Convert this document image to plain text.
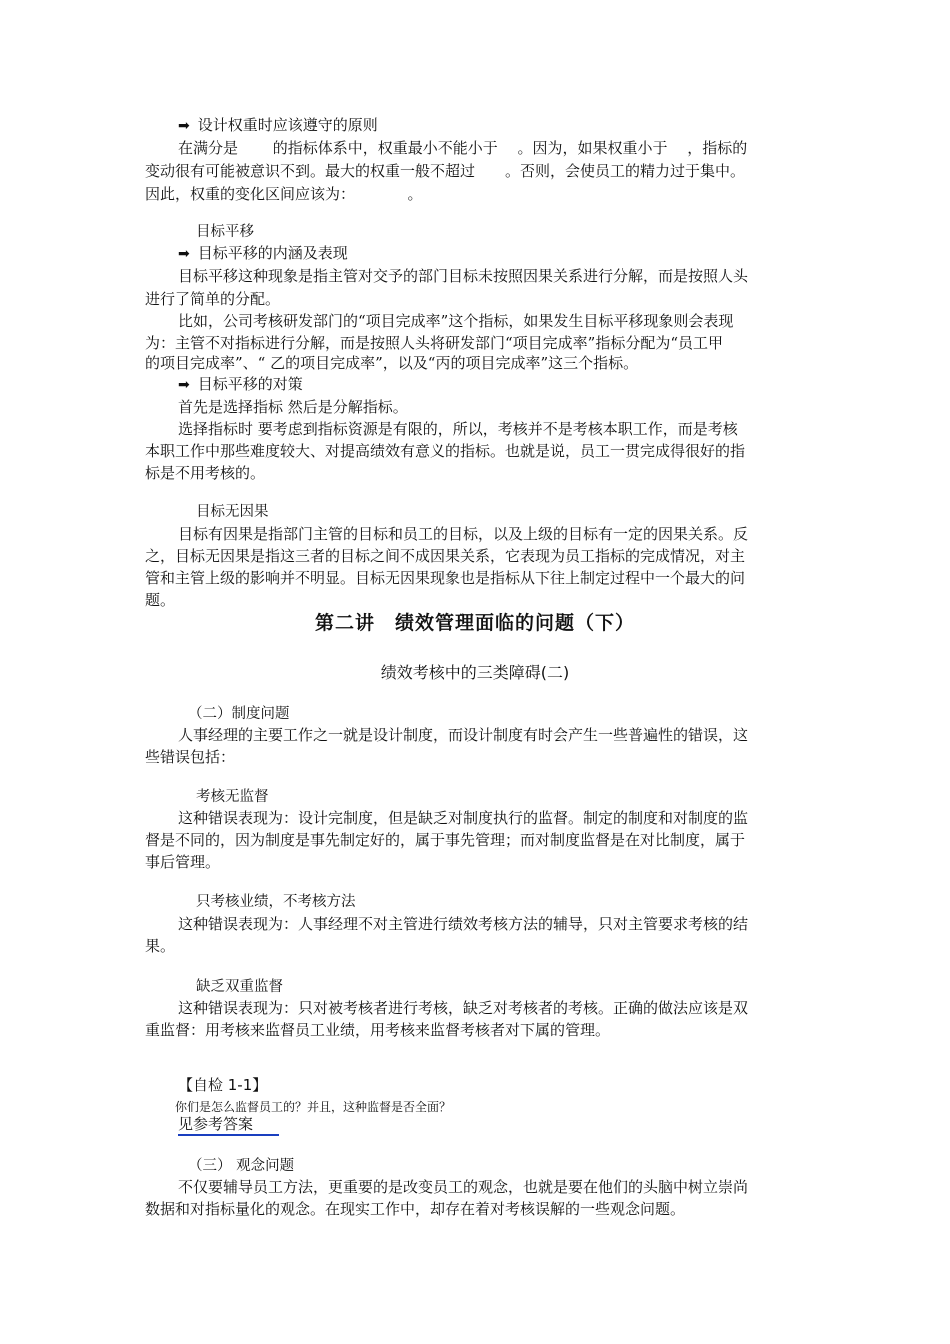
➡ 设计权重时应该遵守的原则
在满分是　　 的指标体系中，权重最小不能小于　 。因为，如果权重小于　 ，指标的
变动很有可能被意识不到。最大的权重一般不超过　　。否则，会使员工的精力过于集中。
因此，权重的变化区间应该为：　　　　。
目标平移
➡ 目标平移的内涵及表现
目标平移这种现象是指主管对交予的部门目标未按照因果关系进行分解，而是按照人头
进行了简单的分配。
比如，公司考核研发部门的“项目完成率”这个指标，如果发生目标平移现象则会表现
为：主管不对指标进行分解，而是按照人头将研发部门“项目完成率”指标分配为“员工甲
的项目完成率”、“ 乙的项目完成率”，以及“丙的项目完成率”这三个指标。
➡ 目标平移的对策
首先是选择指标 然后是分解指标。
选择指标时 要考虑到指标资源是有限的，所以，考核并不是考核本职工作，而是考核
本职工作中那些难度较大、对提高绩效有意义的指标。也就是说，员工一贯完成得很好的指
标是不用考核的。
目标无因果
目标有因果是指部门主管的目标和员工的目标，以及上级的目标有一定的因果关系。反
之，目标无因果是指这三者的目标之间不成因果关系，它表现为员工指标的完成情况，对主
管和主管上级的影响并不明显。目标无因果现象也是指标从下往上制定过程中一个最大的问
题。
第二讲　绩效管理面临的问题（下）
绩效考核中的三类障碍(二)
（二）制度问题
人事经理的主要工作之一就是设计制度，而设计制度有时会产生一些普遍性的错误，这
些错误包括：
考核无监督
这种错误表现为：设计完制度，但是缺乏对制度执行的监督。制定的制度和对制度的监
督是不同的，因为制度是事先制定好的，属于事先管理；而对制度监督是在对比制度，属于
事后管理。
只考核业绩，不考核方法
这种错误表现为：人事经理不对主管进行绩效考核方法的辅导，只对主管要求考核的结
果。
缺乏双重监督
这种错误表现为：只对被考核者进行考核，缺乏对考核者的考核。正确的做法应该是双
重监督：用考核来监督员工业绩，用考核来监督考核者对下属的管理。
【自检 1-1】
你们是怎么监督员工的？并且，这种监督是否全面？
见参考答案
（三） 观念问题
不仅要辅导员工方法，更重要的是改变员工的观念，也就是要在他们的头脑中树立崇尚
数据和对指标量化的观念。在现实工作中，却存在着对考核误解的一些观念问题。
